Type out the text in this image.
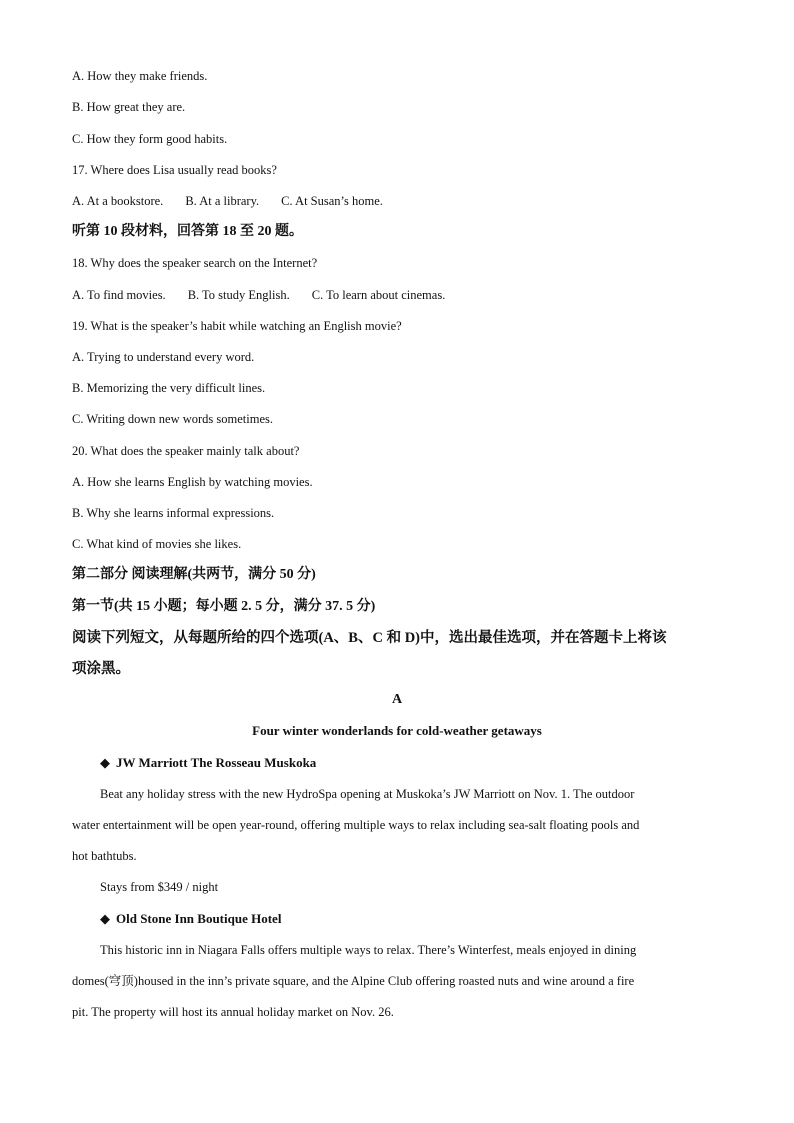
A. How they make friends.
B. How great they are.
C. How they form good habits.
17. Where does Lisa usually read books?
A. At a bookstore. B. At a library. C. At Susan’s home.
听第 10 段材料，回答第 18 至 20 题。
18. Why does the speaker search on the Internet?
A. To find movies. B. To study English. C. To learn about cinemas.
19. What is the speaker’s habit while watching an English movie?
A. Trying to understand every word.
B. Memorizing the very difficult lines.
C. Writing down new words sometimes.
20. What does the speaker mainly talk about?
A. How she learns English by watching movies.
B. Why she learns informal expressions.
C. What kind of movies she likes.
第二部分 阅读理解(共两节，满分 50 分)
第一节(共 15 小题；每小题 2. 5 分，满分 37. 5 分)
阅读下列短文，从每题所给的四个选项(A、B、C 和 D)中，选出最佳选项，并在答题卡上将该
项涂黑。
A
Four winter wonderlands for cold-weather getaways
◆ JW Marriott The Rosseau Muskoka
Beat any holiday stress with the new HydroSpa opening at Muskoka’s JW Marriott on Nov. 1. The outdoor
water entertainment will be open year-round, offering multiple ways to relax including sea-salt floating pools and
hot bathtubs.
Stays from $349 / night
◆ Old Stone Inn Boutique Hotel
This historic inn in Niagara Falls offers multiple ways to relax. There’s Winterfest, meals enjoyed in dining
domes(穹顶)housed in the inn’s private square, and the Alpine Club offering roasted nuts and wine around a fire
pit. The property will host its annual holiday market on Nov. 26.
